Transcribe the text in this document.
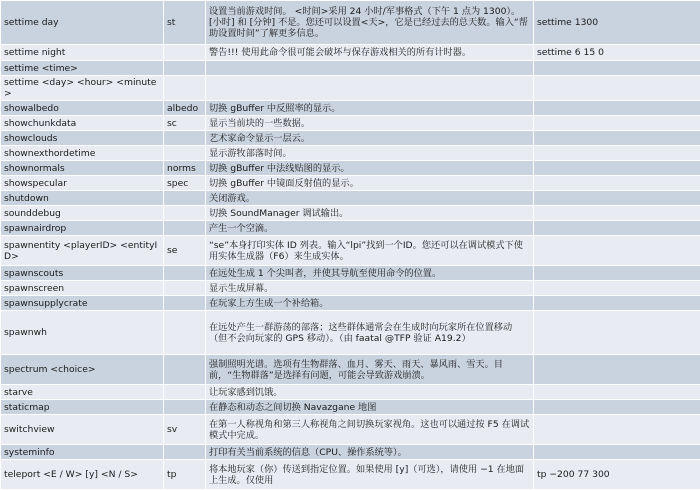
settime day	st	设置当前游戏时间。 <时间>采用 24 小时/军事格式（下午 1 点为 1300）。[小时] 和 [分钟] 不是。您还可以设置<天>，它是已经过去的总天数。输入“帮助设置时间”了解更多信息。	settime 1300
settime night		警告!!! 使用此命令很可能会破坏与保存游戏相关的所有计时器。	settime 6 15 0
settime <time>			
settime <day> <hour> <minute>			
showalbedo	albedo	切换 gBuffer 中反照率的显示。	
showchunkdata	sc	显示当前块的一些数据。	
showclouds		艺术家命令显示一层云。	
shownexthordetime		显示游牧部落时间。	
shownormals	norms	切换 gBuffer 中法线贴图的显示。	
showspecular	spec	切换 gBuffer 中镜面反射值的显示。	
shutdown		关闭游戏。	
sounddebug		切换 SoundManager 调试输出。	
spawnairdrop		产生一个空滴。	
spawnentity <playerID> <entityID>	se	“se”本身打印实体 ID 列表。输入“lpi”找到一个ID。您还可以在调试模式下使用实体生成器（F6）来生成实体。	
spawnscouts		在远处生成 1 个尖叫者，并使其导航至使用命令的位置。	
spawnscreen		显示生成屏幕。	
spawnsupplycrate		在玩家上方生成一个补给箱。	
spawnwh		在远处产生一群游荡的部落；这些群体通常会在生成时向玩家所在位置移动（但不会向玩家的 GPS 移动）。（由 faatal @TFP 验证 A19.2）	
spectrum <choice>		强制照明光谱。选项有生物群落、血月、雾天、雨天、暴风雨、雪天。目前，“生物群落”是选择有问题，可能会导致游戏崩溃。	
starve		让玩家感到饥饿。	
staticmap		在静态和动态之间切换 Navazgane 地图	
switchview	sv	在第一人称视角和第三人称视角之间切换玩家视角。这也可以通过按 F5 在调试模式中完成。	
systeminfo		打印有关当前系统的信息（CPU、操作系统等）。	
teleport <E / W> [y] <N / S>	tp	将本地玩家（你）传送到指定位置。如果使用 [y]（可选），请使用 −1 在地面上生成。仅使用	tp −200 77 300
